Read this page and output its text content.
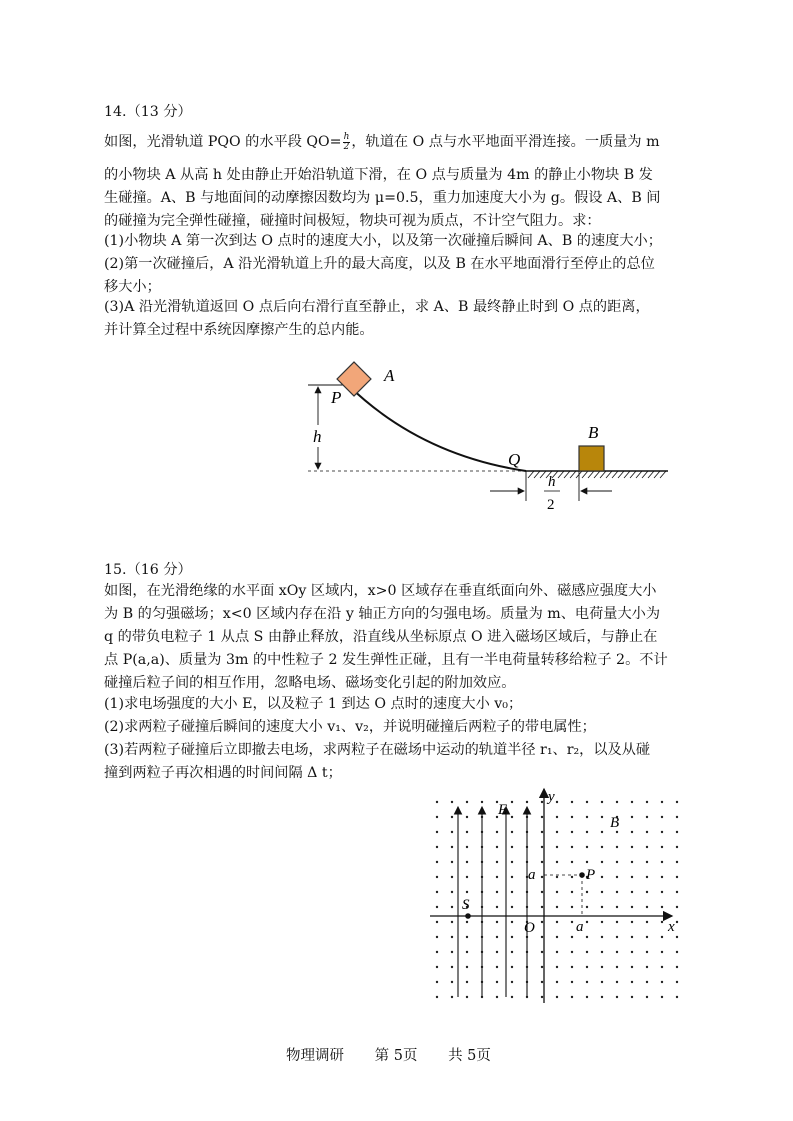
14.（13 分）
如图，光滑轨道 PQO 的水平段 $QO= \frac{h}{2}$ ，轨道在 O 点与水平地面平滑连接。一质量为 m
的小物块 A 从高 h 处由静止开始沿轨道下滑，在 O 点与质量为 4m 的静止小物块 B 发
生碰撞。A、B 与地面间的动摩擦因数均为 μ=0.5，重力加速度大小为 g。假设 A、B 间
的碰撞为完全弹性碰撞，碰撞时间极短，物块可视为质点，不计空气阻力。求：
(1)小物块 A 第一次到达 O 点时的速度大小，以及第一次碰撞后瞬间 A、B 的速度大小；
(2)第一次碰撞后，A 沿光滑轨道上升的最大高度，以及 B 在水平地面滑行至停止的总位
移大小；
(3)A 沿光滑轨道返回 O 点后向右滑行直至静止，求 A、B 最终静止时到 O 点的距离，
并计算全过程中系统因摩擦产生的总内能。
h
A
P
Q
B
h
2
15.（16 分）
如图，在光滑绝缘的水平面 xOy 区域内，x>0 区域存在垂直纸面向外、磁感应强度大小
为 B 的匀强磁场；x<0 区域内存在沿 y 轴正方向的匀强电场。质量为 m、电荷量大小为
q 的带负电粒子 1 从点 S 由静止释放，沿直线从坐标原点 O 进入磁场区域后，与静止在
点 P(a,a)、质量为 3m 的中性粒子 2 发生弹性正碰，且有一半电荷量转移给粒子 2。不计
碰撞后粒子间的相互作用，忽略电场、磁场变化引起的附加效应。
(1)求电场强度的大小 E，以及粒子 1 到达 O 点时的速度大小 v₀；
(2)求两粒子碰撞后瞬间的速度大小 v₁、v₂，并说明碰撞后两粒子的带电属性；
(3)若两粒子碰撞后立即撤去电场，求两粒子在磁场中运动的轨道半径 r₁、r₂，以及从碰
撞到两粒子再次相遇的时间间隔 Δ t；
y
x
E
B
O
P
a
a
S
物理调研 第 5页 共 5页
